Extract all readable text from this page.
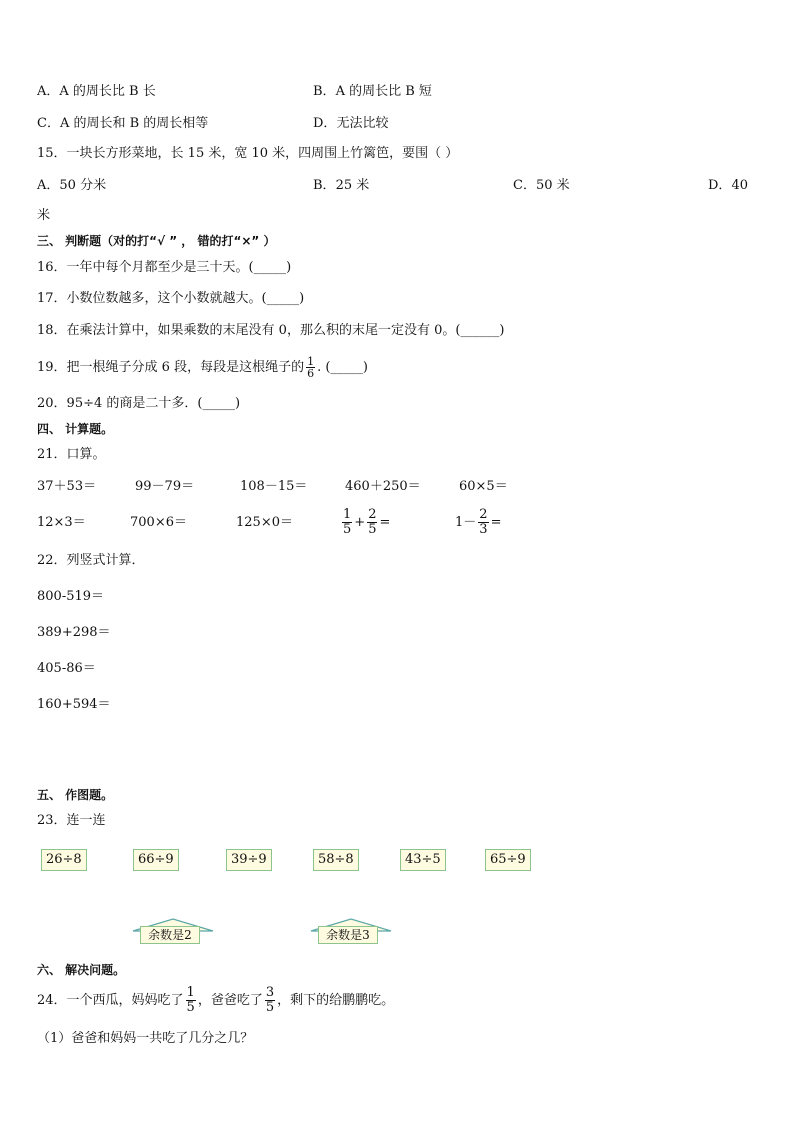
A．A 的周长比 B 长	B．A 的周长比 B 短
C．A 的周长和 B 的周长相等	D．无法比较
15．一块长方形菜地，长 15 米，宽 10 米，四周围上竹篱笆，要围（ ）
A．50 分米	B．25 米	C．50 米	D．40
米
三、 判断题（对的打“√ ” ， 错的打“×” ）
16．一年中每个月都至少是三十天。(_____)
17．小数位数越多，这个小数就越大。(_____)
18．在乘法计算中，如果乘数的末尾没有 0，那么积的末尾一定没有 0。(______)
19．把一根绳子分成 6 段，每段是这根绳子的 $\frac{1}{6}$ . (_____)
20．95÷4 的商是二十多．(_____)
四、 计算题。
21．口算。
37＋53＝	99－79＝	108－15＝	460＋250＝	60×5＝
12×3＝	700×6＝	125×0＝	$\frac{1}{5} + \frac{2}{5}$ =	$1- \frac{2}{3}$ =
22．列竖式计算．
800-519＝
389+298＝
405-86＝
160+594＝
五、 作图题。
23．连一连
26÷8	66÷9	39÷9	58÷8	43÷5	65÷9
余数是2	余数是3
六、 解决问题。
24．一个西瓜，妈妈吃了 $\frac{1}{5}$ ，爸爸吃了 $\frac{3}{5}$ ，剩下的给鹏鹏吃。
（1）爸爸和妈妈一共吃了几分之几？
